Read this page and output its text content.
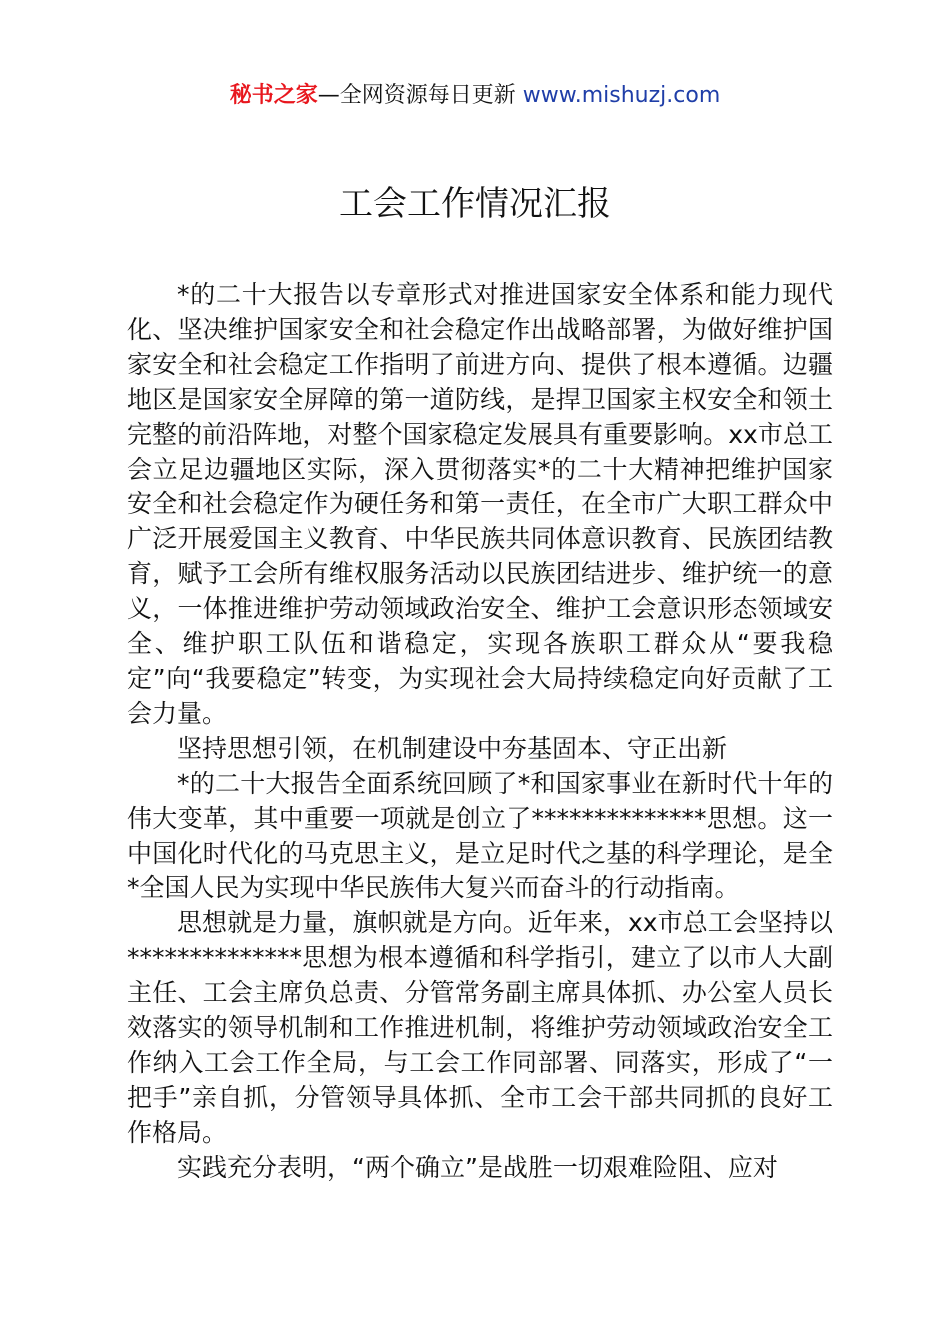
秘书之家—全网资源每日更新 www.mishuzj.com
工会工作情况汇报

*的二十大报告以专章形式对推进国家安全体系和能力现代化、坚决维护国家安全和社会稳定作出战略部署，为做好维护国家安全和社会稳定工作指明了前进方向、提供了根本遵循。边疆地区是国家安全屏障的第一道防线，是捍卫国家主权安全和领土完整的前沿阵地，对整个国家稳定发展具有重要影响。xx市总工会立足边疆地区实际，深入贯彻落实*的二十大精神把维护国家安全和社会稳定作为硬任务和第一责任，在全市广大职工群众中广泛开展爱国主义教育、中华民族共同体意识教育、民族团结教育，赋予工会所有维权服务活动以民族团结进步、维护统一的意义，一体推进维护劳动领域政治安全、维护工会意识形态领域安全、维护职工队伍和谐稳定，实现各族职工群众从“要我稳定”向“我要稳定”转变，为实现社会大局持续稳定向好贡献了工会力量。

坚持思想引领，在机制建设中夯基固本、守正出新

*的二十大报告全面系统回顾了*和国家事业在新时代十年的伟大变革，其中重要一项就是创立了**************思想。这一中国化时代化的马克思主义，是立足时代之基的科学理论，是全*全国人民为实现中华民族伟大复兴而奋斗的行动指南。

思想就是力量，旗帜就是方向。近年来，xx市总工会坚持以**************思想为根本遵循和科学指引，建立了以市人大副主任、工会主席负总责、分管常务副主席具体抓、办公室人员长效落实的领导机制和工作推进机制，将维护劳动领域政治安全工作纳入工会工作全局，与工会工作同部署、同落实，形成了“一把手”亲自抓，分管领导具体抓、全市工会干部共同抓的良好工作格局。

实践充分表明，“两个确立”是战胜一切艰难险阻、应对
